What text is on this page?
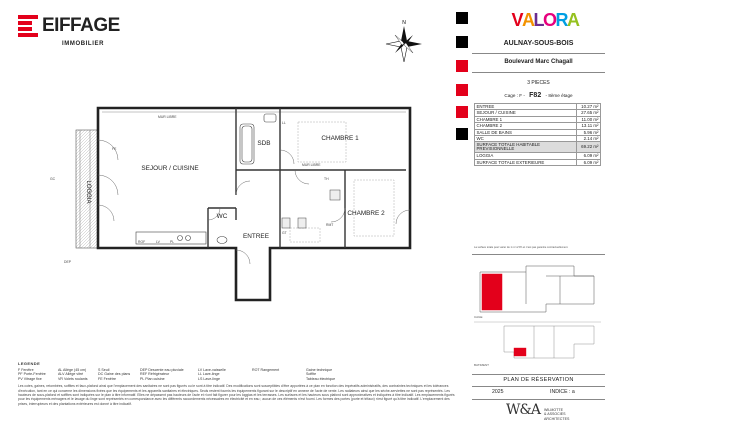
EIFFAGE
IMMOBILIER
N
SEJOUR / CUISINE
CHAMBRE 1
CHAMBRE 2
SDB
WC
ENTREE
LOGGIA
MUR LIBRE
MUR LIBRE
GC
DEP
ROF	LV
LL
PL
TH
FE
RMT
GT
LEGENDE
F Fenêtre	AL Allège (45 cm)	S Seuil	DEP Descente eau pluviale	LV Lave-vaisselle	ROT Rangement	Gaine technique
PF Porte-Fenêtre	ALV Allège vitré	DC Gaine des plans	REF Réfrigérateur	LL Lave-linge	Soffite
PV Vitrage fixe	VR Volets roulants	FE Fenêtre	PL Plan cuisine	LS Lave-linge	Tableau électrique
Les cotes, gaines, retombées, soffites et faux-plafond ainsi que l'emplacement des sanitaires ne sont pas figurés ou le sont à titre indicatif. Des modifications sont susceptibles d'être apportées à ce plan en fonction des impératifs administratifs, des contraintes techniques et les tolérances d'exécution, tant en ce qui concerne les dimensions fixées que les équipements et les appareils sanitaires et électriques. Seuls restent fournis les équipements figurant sur le descriptif en annexe de l'acte de vente. Les radiateurs ainsi que les sèche-serviettes ne sont pas représentés. Les hauteurs de sous-plafond et soffites sont indiquées sur le plan à titre informatif. Elles ne dépassent pas hauteurs de l'acte et n'ont fait figurer pour les loggias et les terrasses. Les surfaces et les hauteurs sous plafond sont approximatives et indiquées à titre indicatif. Les emplacements figurés pour les équipements ménagers et le lavage du linge sont représentés en correspondance avec les différents raccordements nécessaires en électricité et en eau ; aucun de ces éléments n'est fourni. Les formes des portes (porte et trifaux) n'est figuré qu'à titre indicatif. L'emplacement des prises, interrupteurs et des plantations extérieures est donné à titre indicatif.
VALORA
AULNAY-SOUS-BOIS
Boulevard Marc Chagall
3 PIECES
Cage : F - F82 - 8ème étage
ENTREE	10.27 m²
SEJOUR / CUISINE	27.65 m²
CHAMBRE 1	11.00 m²
CHAMBRE 2	13.11 m²
SALLE DE BAINS	5.96 m²
WC	2.14 m²
SURFACE TOTALE HABITABLE PREVISIONNELLE	69.22 m²
LOGGIA	6.09 m²
SURFACE TOTALE EXTERIEURE	6.09 m²
La surface totale peut varier de 1 m² à 5% et n'est pas garantie contractuellement.
CAGE
BATIMENT
PLAN DE RÉSERVATION
2025	INDICE : a
W&A WILMOTTE
& ASSOCIES
ARCHITECTES
